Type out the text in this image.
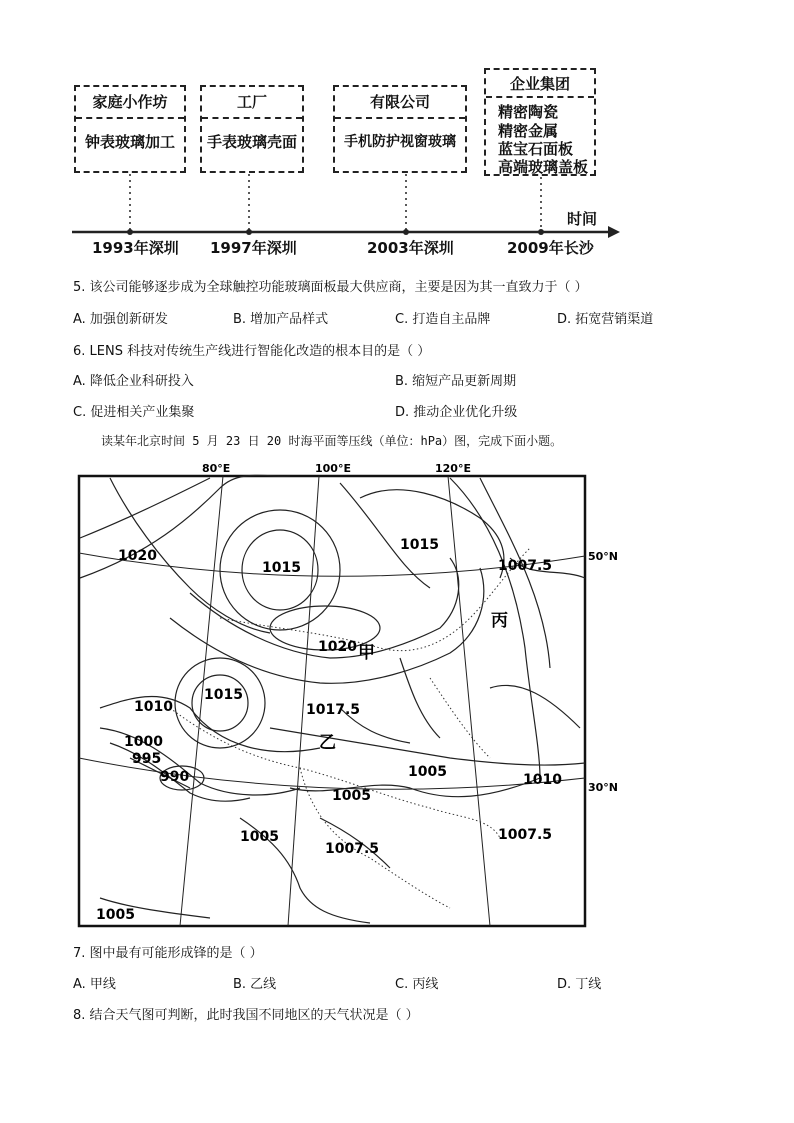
家庭小作坊
钟表玻璃加工
工厂
手表玻璃壳面
有限公司
手机防护视窗玻璃
企业集团
精密陶瓷
精密金属
蓝宝石面板
高端玻璃盖板
时间
1993年深圳 1997年深圳	2003年深圳	2009年长沙
5. 该公司能够逐步成为全球触控功能玻璃面板最大供应商，主要是因为其一直致力于（ ）
A. 加强创新研发	B. 增加产品样式	C. 打造自主品牌	D. 拓宽营销渠道
6. LENS 科技对传统生产线进行智能化改造的根本目的是（ ）
A. 降低企业科研投入	B. 缩短产品更新周期
C. 促进相关产业集聚	D. 推动企业优化升级
读某年北京时间 5 月 23 日 20 时海平面等压线（单位：hPa）图，完成下面小题。
80°E	100°E	120°E
50°N
30°N
1020
1015
1015
1007.5
1020
1015
1017.5
1010
1000
995
990	1005
1005
1010
1005
1007.5
1007.5
1005
甲
乙
丙
7. 图中最有可能形成锋的是（ ）
A. 甲线	B. 乙线	C. 丙线	D. 丁线
8. 结合天气图可判断，此时我国不同地区的天气状况是（ ）
